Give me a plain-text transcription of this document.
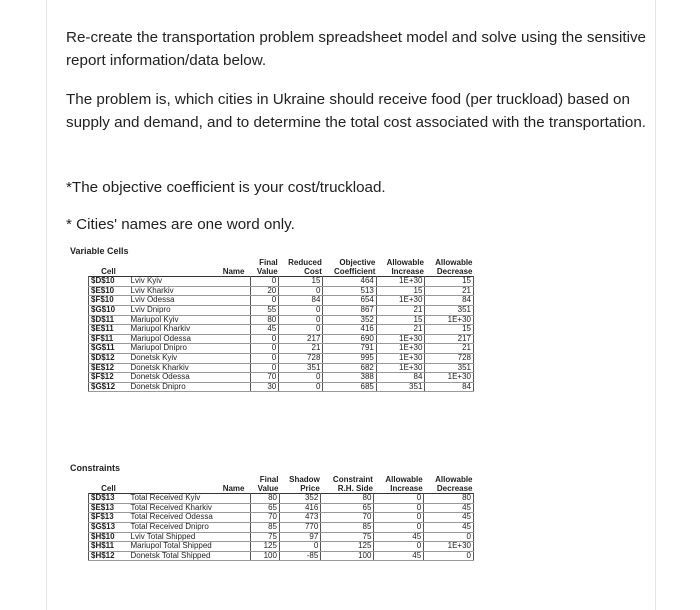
Re-create the transportation problem spreadsheet model and solve using the sensitive report information/data below.
The problem is, which cities in Ukraine should receive food (per truckload) based on supply and demand, and to determine the total cost associated with the transportation.
*The objective coefficient is your cost/truckload.
* Cities' names are one word only.
Variable Cells
		Final	Reduced	Objective	Allowable	Allowable
Cell	Name	Value	Cost	Coefficient	Increase	Decrease
$D$10	Lviv Kyiv	0	15	464	1E+30	15
$E$10	Lviv Kharkiv	20	0	513	15	21
$F$10	Lviv Odessa	0	84	654	1E+30	84
$G$10	Lviv Dnipro	55	0	867	21	351
$D$11	Mariupol Kyiv	80	0	352	15	1E+30
$E$11	Mariupol Kharkiv	45	0	416	21	15
$F$11	Mariupol Odessa	0	217	690	1E+30	217
$G$11	Mariupol Dnipro	0	21	791	1E+30	21
$D$12	Donetsk Kyiv	0	728	995	1E+30	728
$E$12	Donetsk Kharkiv	0	351	682	1E+30	351
$F$12	Donetsk Odessa	70	0	388	84	1E+30
$G$12	Donetsk Dnipro	30	0	685	351	84
Constraints
		Final	Shadow	Constraint	Allowable	Allowable
Cell	Name	Value	Price	R.H. Side	Increase	Decrease
$D$13	Total Received Kyiv	80	352	80	0	80
$E$13	Total Received Kharkiv	65	416	65	0	45
$F$13	Total Received Odessa	70	473	70	0	45
$G$13	Total Received Dnipro	85	770	85	0	45
$H$10	Lviv Total Shipped	75	97	75	45	0
$H$11	Mariupol Total Shipped	125	0	125	0	1E+30
$H$12	Donetsk Total Shipped	100	-85	100	45	0
